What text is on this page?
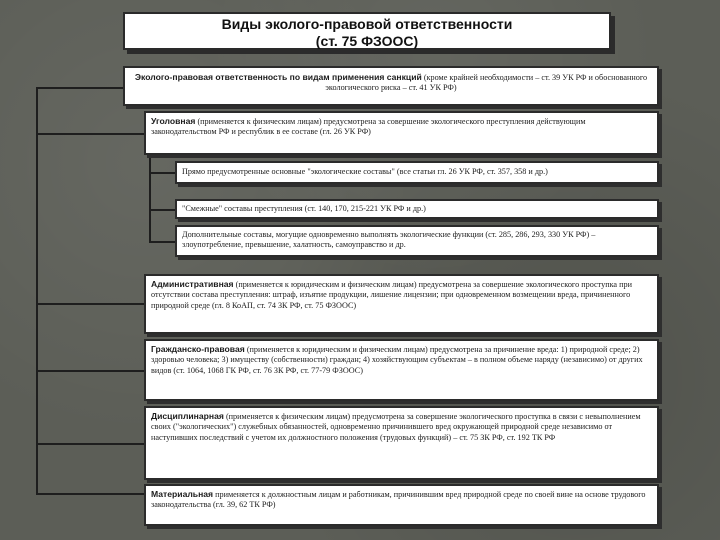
Виды эколого-правовой ответственности
(ст. 75 ФЗООС)
Эколого-правовая ответственность по видам применения санкций (кроме крайней необходимости – ст. 39 УК РФ и обоснованного экологического риска – ст. 41 УК РФ)
Уголовная (применяется к физическим лицам) предусмотрена за совершение экологического преступления действующим законодательством РФ и республик в ее составе (гл. 26 УК РФ)
Прямо предусмотренные основные "экологические составы" (все статьи гл. 26 УК РФ, ст. 357, 358 и др.)
"Смежные" составы преступления (ст. 140, 170, 215-221 УК РФ и др.)
Дополнительные составы, могущие одновременно выполнять экологические функции (ст. 285, 286, 293, 330 УК РФ) – злоупотребление, превышение, халатность, самоуправство и др.
Административная (применяется к юридическим и физическим лицам) предусмотрена за совершение экологического проступка при отсутствии состава преступления: штраф, изъятие продукции, лишение лицензии; при одновременном возмещении вреда, причиненного природной среде (гл. 8 КоАП, ст. 74 ЗК РФ, ст. 75 ФЗООС)
Гражданско-правовая (применяется к юридическим и физическим лицам) предусмотрена за причинение вреда: 1) природной среде; 2) здоровью человека; 3) имуществу (собственности) граждан; 4) хозяйствующим субъектам – в полном объеме наряду (независимо) от других видов (ст. 1064, 1068 ГК РФ, ст. 76 ЗК РФ, ст. 77-79 ФЗООС)
Дисциплинарная (применяется к физическим лицам) предусмотрена за совершение экологического проступка в связи с невыполнением своих ("экологических") служебных обязанностей, одновременно причинившего вред окружающей природной среде независимо от наступивших последствий с учетом их должностного положения (трудовых функций) – ст. 75 ЗК РФ, ст. 192 ТК РФ
Материальная применяется к должностным лицам и работникам, причинившим вред природной среде по своей вине на основе трудового законодательства (гл. 39, 62 ТК РФ)
